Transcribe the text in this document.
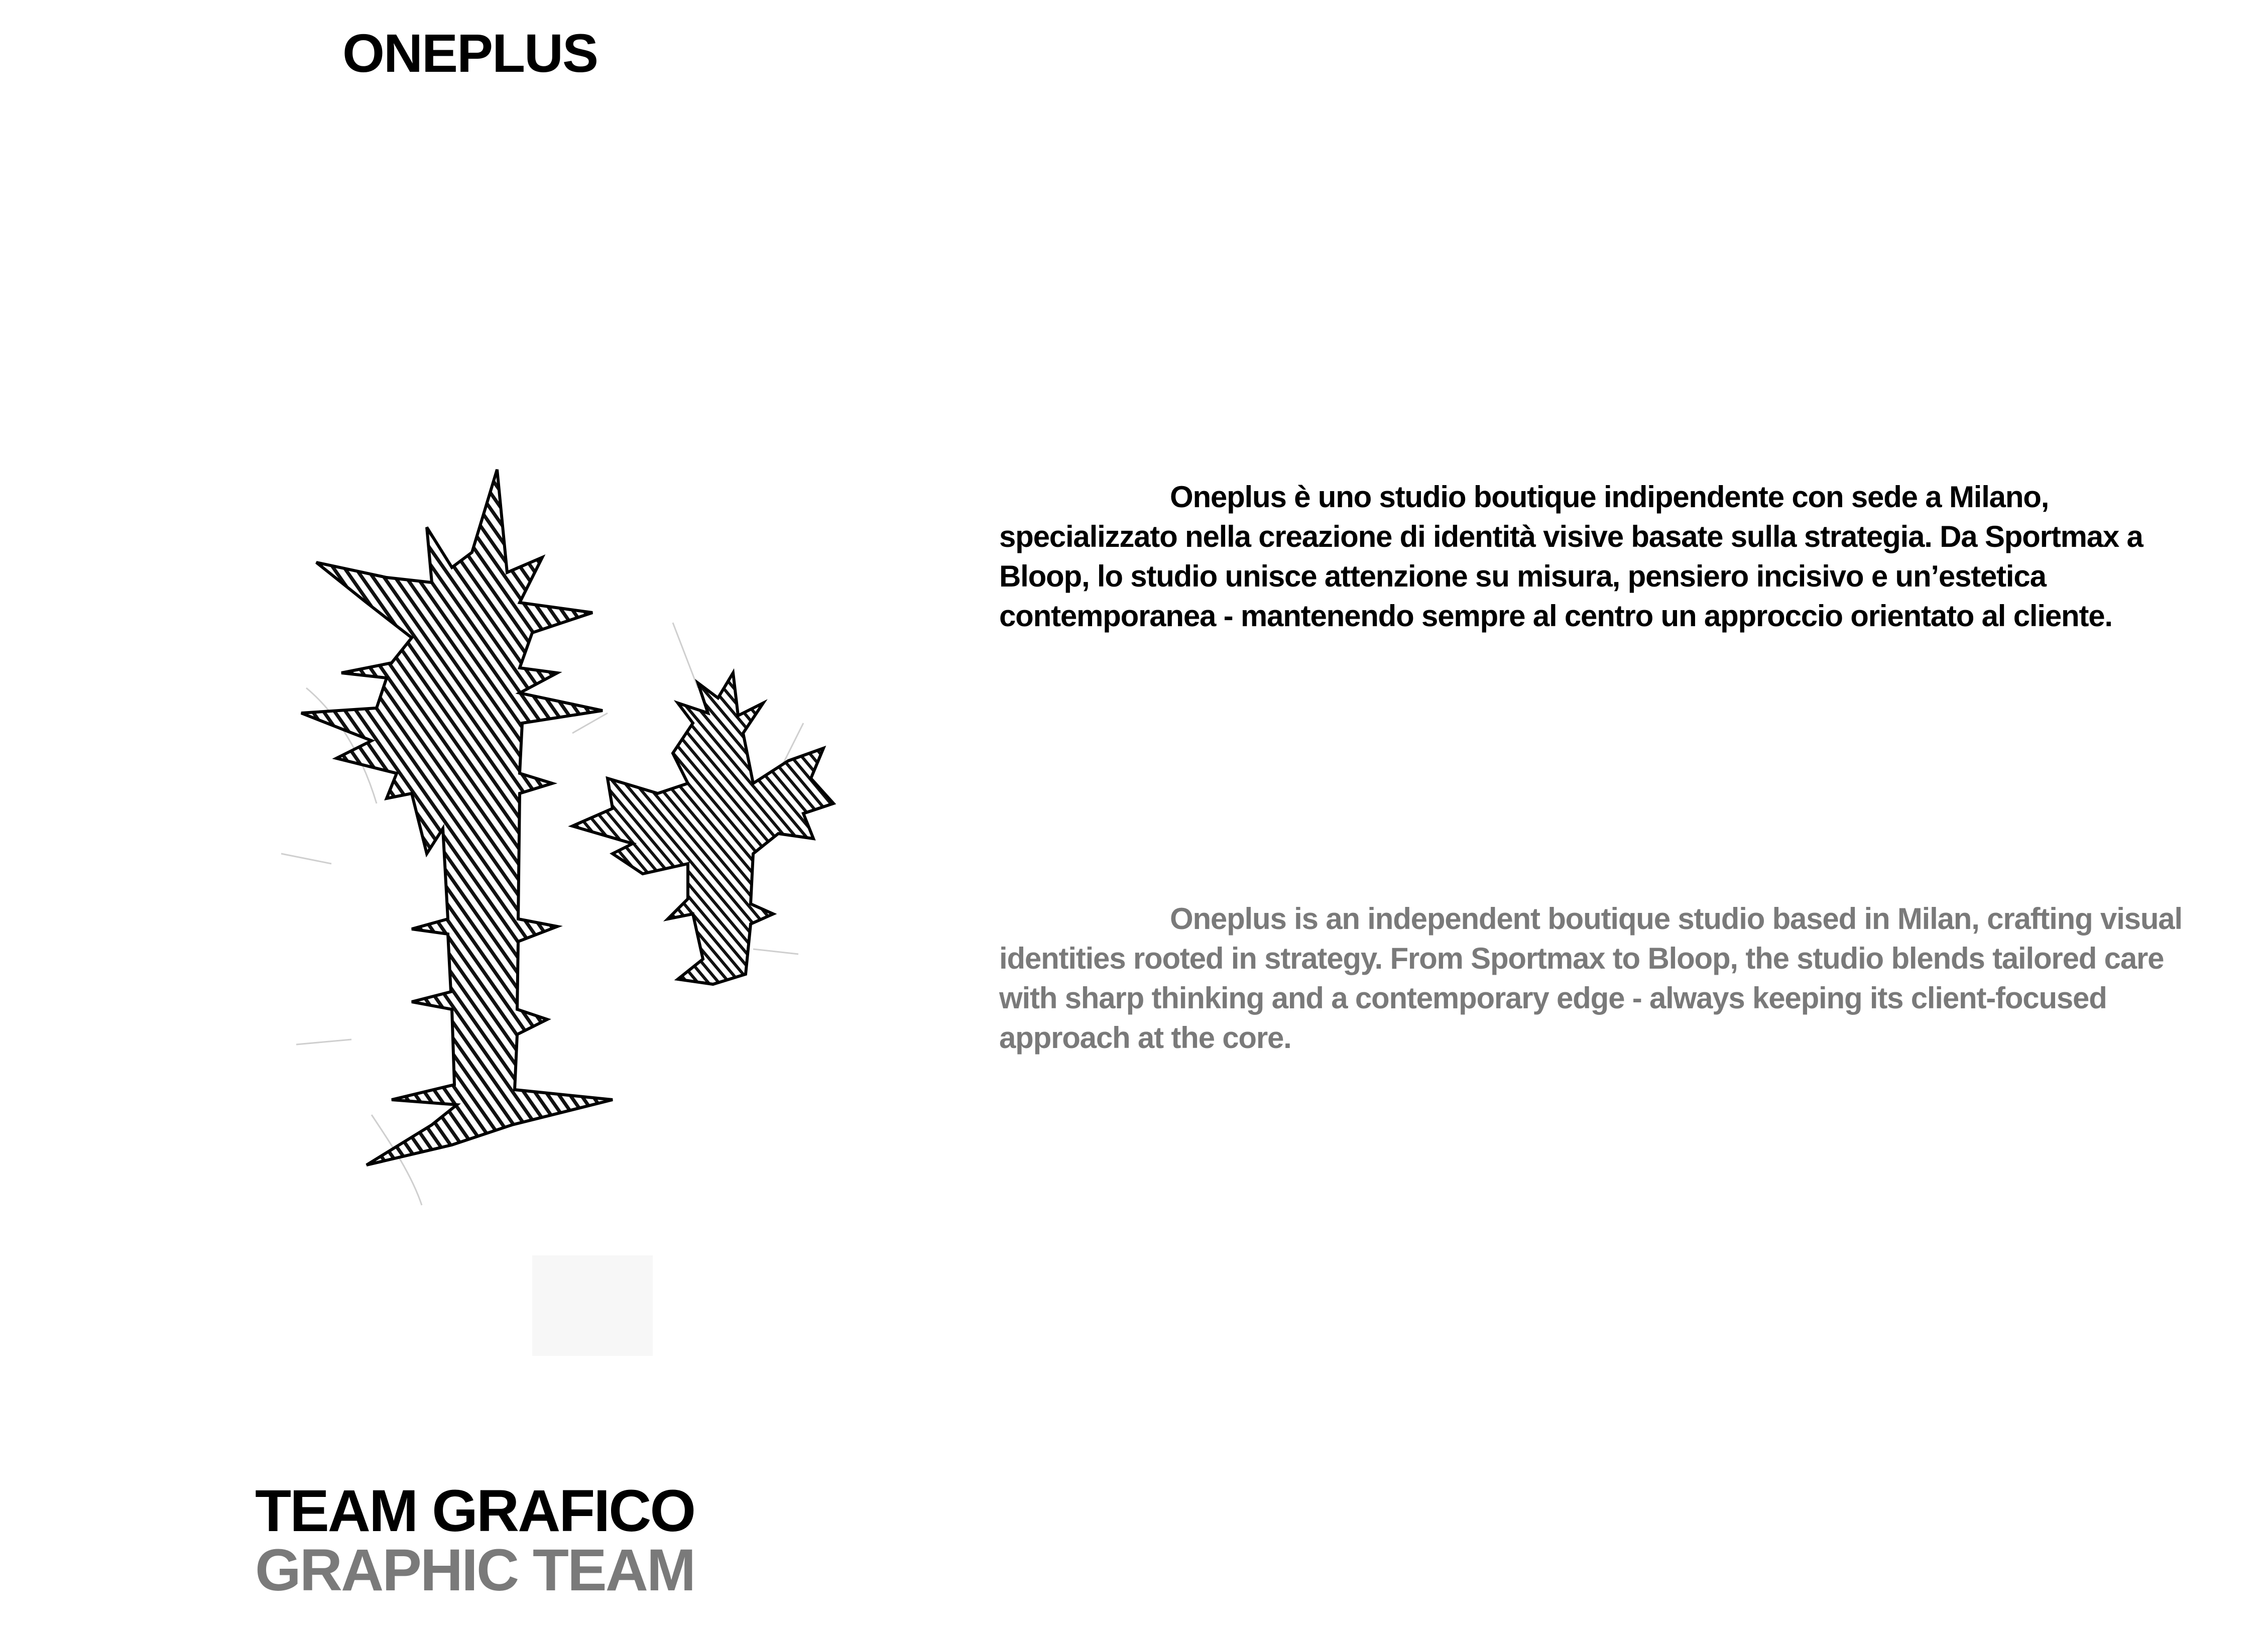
ONEPLUS

Oneplus è uno studio boutique indipendente con sede a Milano, specializzato nella creazione di identità visive basate sulla strategia. Da Sportmax a Bloop, lo studio unisce attenzione su misura, pensiero incisivo e un’estetica contemporanea - mantenendo sempre al centro un approccio orientato al cliente.

Oneplus is an independent boutique studio based in Milan, crafting visual identities rooted in strategy. From Sportmax to Bloop, the studio blends tailored care with sharp thinking and a contemporary edge - always keeping its client-focused approach at the core.

TEAM GRAFICO
GRAPHIC TEAM
